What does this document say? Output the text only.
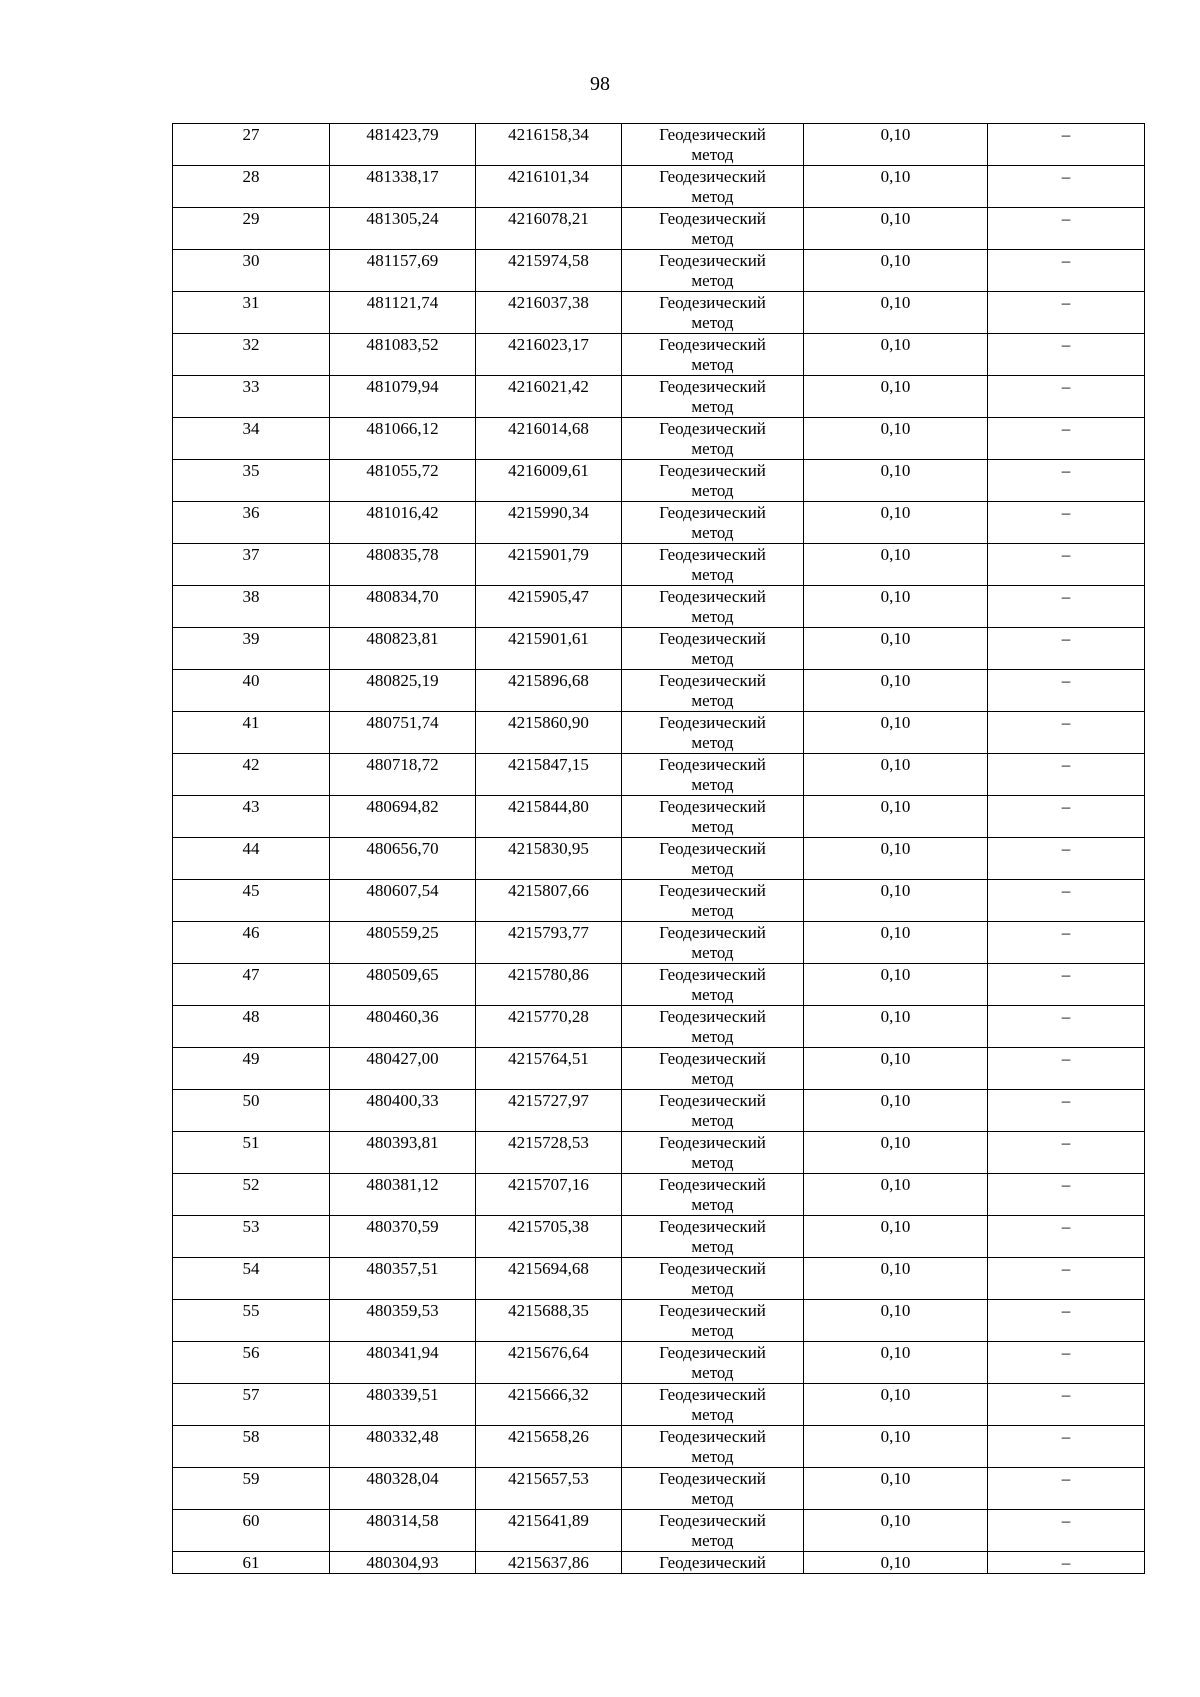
98
27	481423,79	4216158,34	Геодезический
метод	0,10	–
28	481338,17	4216101,34	Геодезический
метод	0,10	–
29	481305,24	4216078,21	Геодезический
метод	0,10	–
30	481157,69	4215974,58	Геодезический
метод	0,10	–
31	481121,74	4216037,38	Геодезический
метод	0,10	–
32	481083,52	4216023,17	Геодезический
метод	0,10	–
33	481079,94	4216021,42	Геодезический
метод	0,10	–
34	481066,12	4216014,68	Геодезический
метод	0,10	–
35	481055,72	4216009,61	Геодезический
метод	0,10	–
36	481016,42	4215990,34	Геодезический
метод	0,10	–
37	480835,78	4215901,79	Геодезический
метод	0,10	–
38	480834,70	4215905,47	Геодезический
метод	0,10	–
39	480823,81	4215901,61	Геодезический
метод	0,10	–
40	480825,19	4215896,68	Геодезический
метод	0,10	–
41	480751,74	4215860,90	Геодезический
метод	0,10	–
42	480718,72	4215847,15	Геодезический
метод	0,10	–
43	480694,82	4215844,80	Геодезический
метод	0,10	–
44	480656,70	4215830,95	Геодезический
метод	0,10	–
45	480607,54	4215807,66	Геодезический
метод	0,10	–
46	480559,25	4215793,77	Геодезический
метод	0,10	–
47	480509,65	4215780,86	Геодезический
метод	0,10	–
48	480460,36	4215770,28	Геодезический
метод	0,10	–
49	480427,00	4215764,51	Геодезический
метод	0,10	–
50	480400,33	4215727,97	Геодезический
метод	0,10	–
51	480393,81	4215728,53	Геодезический
метод	0,10	–
52	480381,12	4215707,16	Геодезический
метод	0,10	–
53	480370,59	4215705,38	Геодезический
метод	0,10	–
54	480357,51	4215694,68	Геодезический
метод	0,10	–
55	480359,53	4215688,35	Геодезический
метод	0,10	–
56	480341,94	4215676,64	Геодезический
метод	0,10	–
57	480339,51	4215666,32	Геодезический
метод	0,10	–
58	480332,48	4215658,26	Геодезический
метод	0,10	–
59	480328,04	4215657,53	Геодезический
метод	0,10	–
60	480314,58	4215641,89	Геодезический
метод	0,10	–
61	480304,93	4215637,86	Геодезический	0,10	–
